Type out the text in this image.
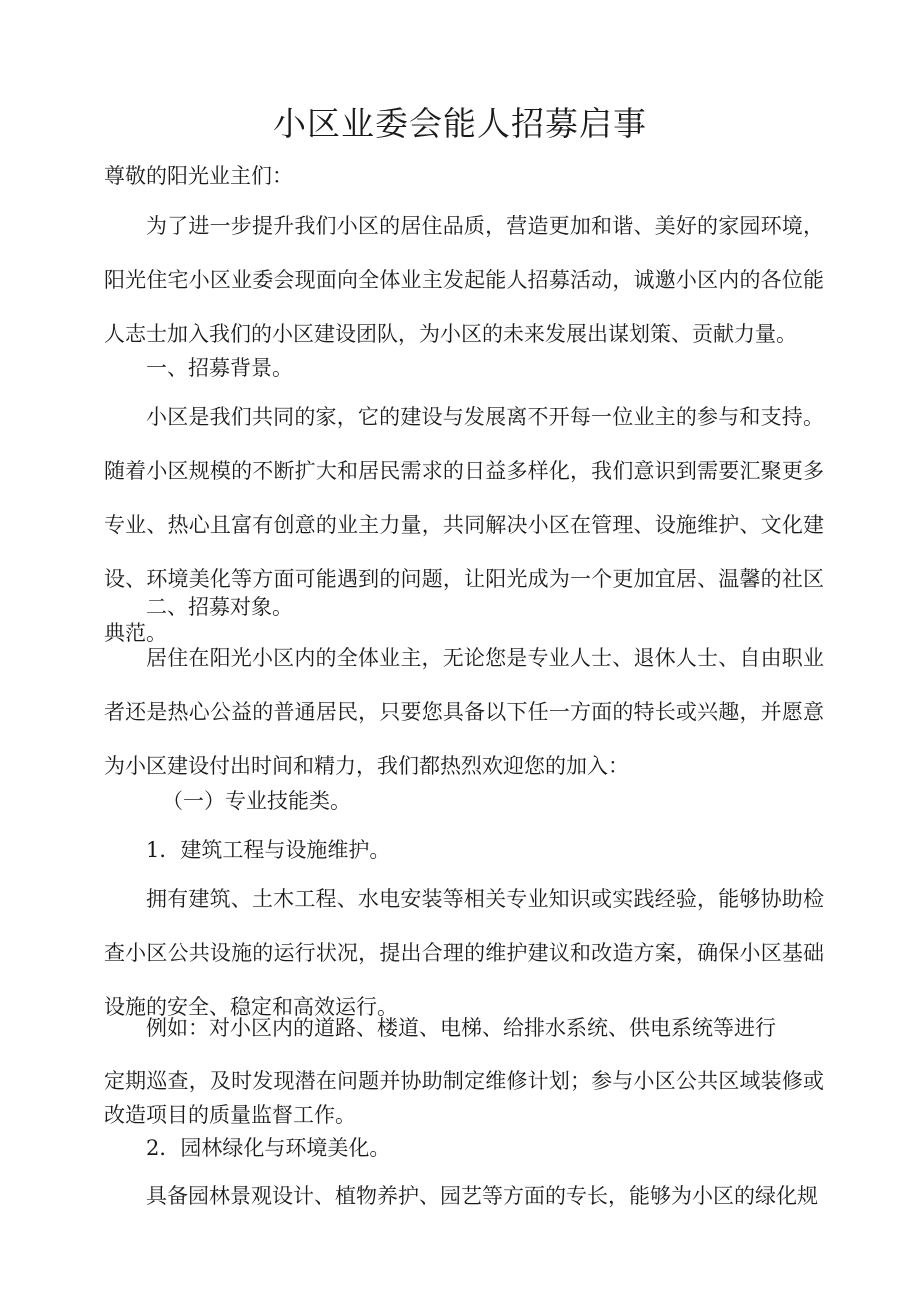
小区业委会能人招募启事

尊敬的阳光业主们：

为了进一步提升我们小区的居住品质，营造更加和谐、美好的家园环境，阳光住宅小区业委会现面向全体业主发起能人招募活动，诚邀小区内的各位能人志士加入我们的小区建设团队，为小区的未来发展出谋划策、贡献力量。

一、招募背景。

小区是我们共同的家，它的建设与发展离不开每一位业主的参与和支持。随着小区规模的不断扩大和居民需求的日益多样化，我们意识到需要汇聚更多专业、热心且富有创意的业主力量，共同解决小区在管理、设施维护、文化建设、环境美化等方面可能遇到的问题，让阳光成为一个更加宜居、温馨的社区典范。

二、招募对象。

居住在阳光小区内的全体业主，无论您是专业人士、退休人士、自由职业者还是热心公益的普通居民，只要您具备以下任一方面的特长或兴趣，并愿意为小区建设付出时间和精力，我们都热烈欢迎您的加入：

（一）专业技能类。

1．建筑工程与设施维护。

拥有建筑、土木工程、水电安装等相关专业知识或实践经验，能够协助检查小区公共设施的运行状况，提出合理的维护建议和改造方案，确保小区基础设施的安全、稳定和高效运行。

例如：对小区内的道路、楼道、电梯、给排水系统、供电系统等进行

定期巡查，及时发现潜在问题并协助制定维修计划；参与小区公共区域装修或改造项目的质量监督工作。

2．园林绿化与环境美化。

具备园林景观设计、植物养护、园艺等方面的专长，能够为小区的绿化规
